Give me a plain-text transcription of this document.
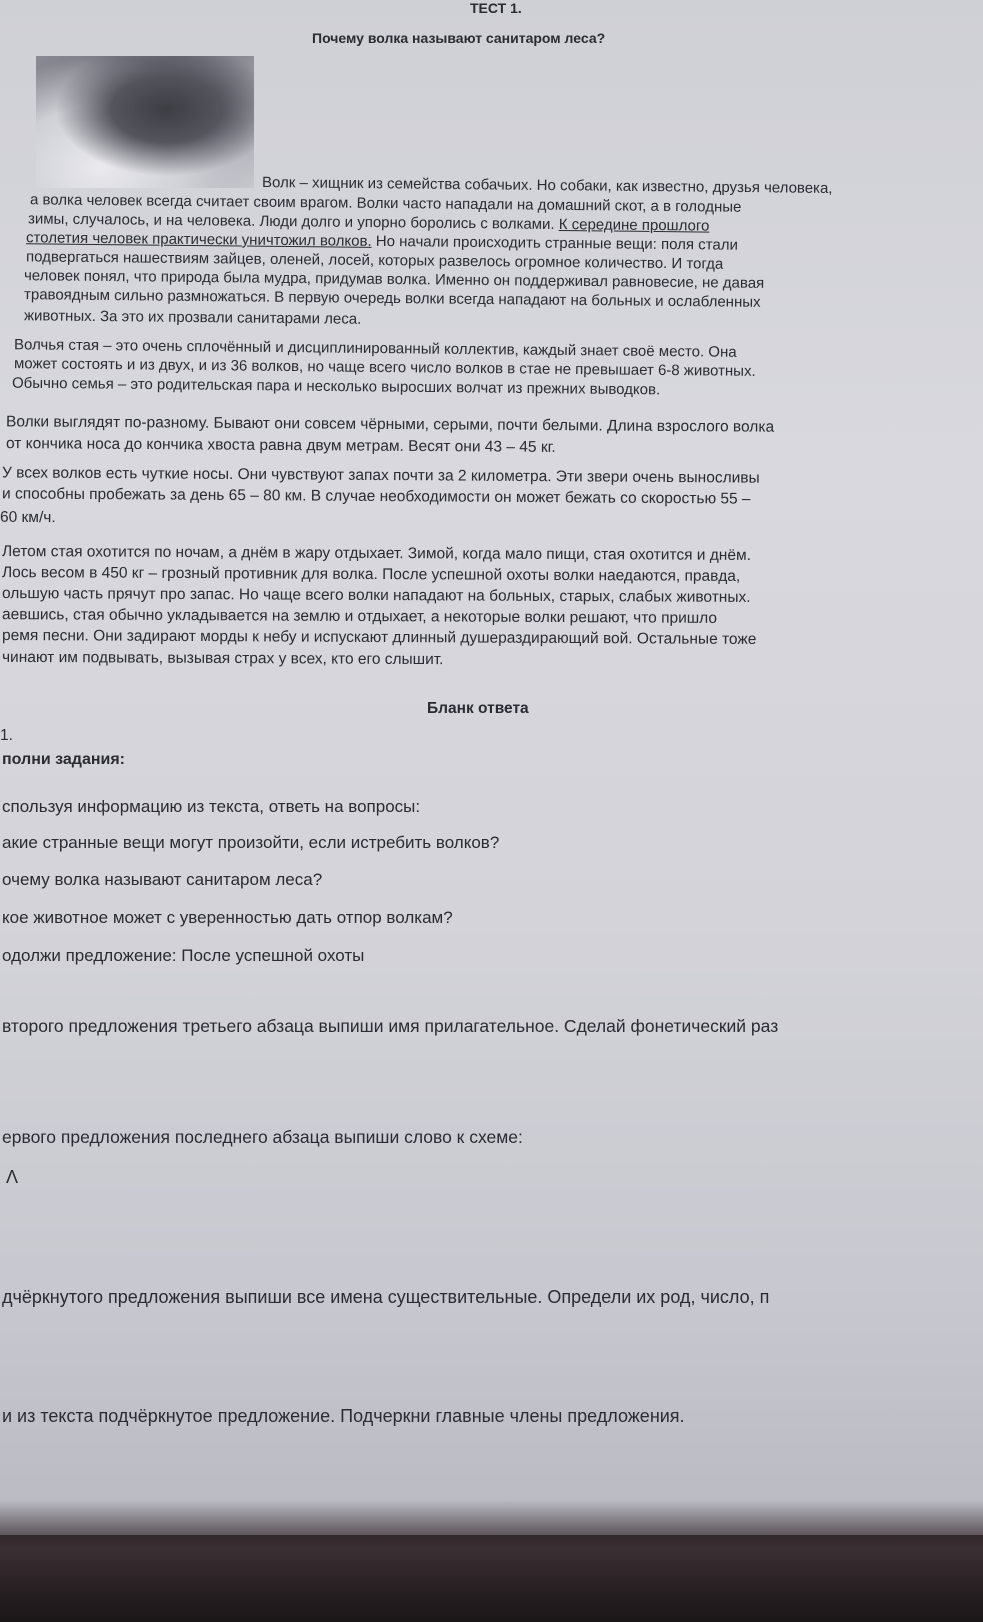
ТЕСТ 1.
Почему волка называют санитаром леса?
Волк – хищник из семейства собачьих. Но собаки, как известно, друзья человека,
а волка человек всегда считает своим врагом. Волки часто нападали на домашний скот, а в голодные
зимы, случалось, и на человека. Люди долго и упорно боролись с волками. К середине прошлого
столетия человек практически уничтожил волков. Но начали происходить странные вещи: поля стали
подвергаться нашествиям зайцев, оленей, лосей, которых развелось огромное количество. И тогда
человек понял, что природа была мудра, придумав волка. Именно он поддерживал равновесие, не давая
травоядным сильно размножаться. В первую очередь волки всегда нападают на больных и ослабленных
животных. За это их прозвали санитарами леса.
Волчья стая – это очень сплочённый и дисциплинированный коллектив, каждый знает своё место. Она
может состоять и из двух, и из 36 волков, но чаще всего число волков в стае не превышает 6-8 животных.
Обычно семья – это родительская пара и несколько выросших волчат из прежних выводков.
Волки выглядят по-разному. Бывают они совсем чёрными, серыми, почти белыми. Длина взрослого волка
от кончика носа до кончика хвоста равна двум метрам. Весят они 43 – 45 кг.
У всех волков есть чуткие носы. Они чувствуют запах почти за 2 километра. Эти звери очень выносливы
и способны пробежать за день 65 – 80 км. В случае необходимости он может бежать со скоростью 55 –
60 км/ч.
Летом стая охотится по ночам, а днём в жару отдыхает. Зимой, когда мало пищи, стая охотится и днём.
Лось весом в 450 кг – грозный противник для волка. После успешной охоты волки наедаются, правда,
ольшую часть прячут про запас. Но чаще всего волки нападают на больных, старых, слабых животных.
аевшись, стая обычно укладывается на землю и отдыхает, а некоторые волки решают, что пришло
ремя песни. Они задирают морды к небу и испускают длинный душераздирающий вой. Остальные тоже
чинают им подвывать, вызывая страх у всех, кто его слышит.
Бланк ответа
1.
полни задания:
спользуя информацию из текста, ответь на вопросы:
акие странные вещи могут произойти, если истребить волков?
очему волка называют санитаром леса?
кое животное может с уверенностью дать отпор волкам?
одолжи предложение: После успешной охоты
второго предложения третьего абзаца выпиши имя прилагательное. Сделай фонетический раз
ервого предложения последнего абзаца выпиши слово к схеме:
Λ
дчёркнутого предложения выпиши все имена существительные. Определи их род, число, п
и из текста подчёркнутое предложение. Подчеркни главные члены предложения.
